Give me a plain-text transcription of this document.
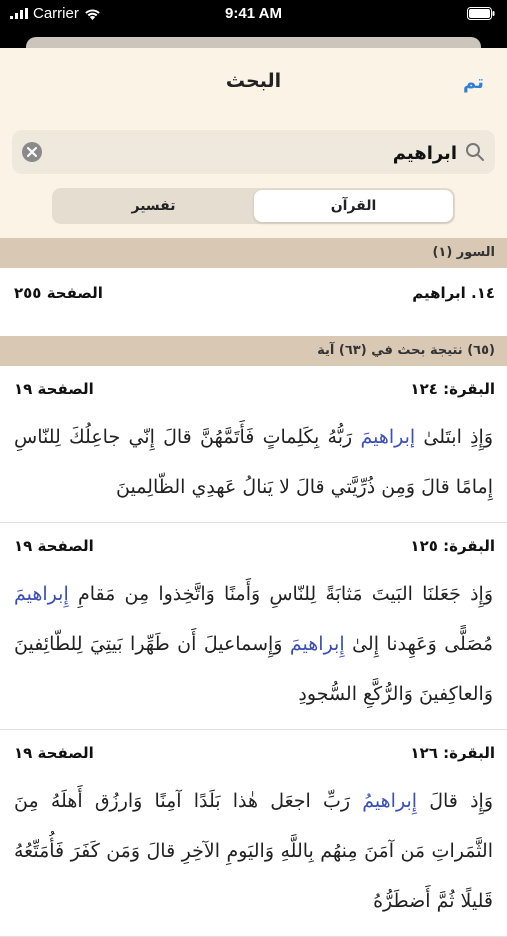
Carrier	9:41 AM
البحث	تم
ابراهيم
تفسير	القرآن
السور (١)
١٤. ابراهيم
الصفحة ٢٥٥
(٦٥) نتيجة بحث في (٦٣) آية
البقرة: ١٢٤
الصفحة ١٩
وَإِذِ ابتَلىٰ إبراهيمَ رَبُّهُ بِكَلِماتٍ فَأَتَمَّهُنَّ قالَ إِنّي جاعِلُكَ لِلنّاسِ إِمامًا قالَ وَمِن ذُرِّيَّتي قالَ لا يَنالُ عَهدِي الظّالِمينَ
البقرة: ١٢٥
الصفحة ١٩
وَإِذ جَعَلنَا البَيتَ مَثابَةً لِلنّاسِ وَأَمنًا وَاتَّخِذوا مِن مَقامِ إِبراهيمَ مُصَلًّى وَعَهِدنا إِلىٰ إِبراهيمَ وَإِسماعيلَ أَن طَهِّرا بَيتِيَ لِلطّائِفينَ وَالعاكِفينَ وَالرُّكَّعِ السُّجودِ
البقرة: ١٢٦
الصفحة ١٩
وَإِذ قالَ إِبراهيمُ رَبِّ اجعَل هٰذا بَلَدًا آمِنًا وَارزُق أَهلَهُ مِنَ الثَّمَراتِ مَن آمَنَ مِنهُم بِاللَّهِ وَاليَومِ الآخِرِ قالَ وَمَن كَفَرَ فَأُمَتِّعُهُ قَليلًا ثُمَّ أَضطَرُّهُ
